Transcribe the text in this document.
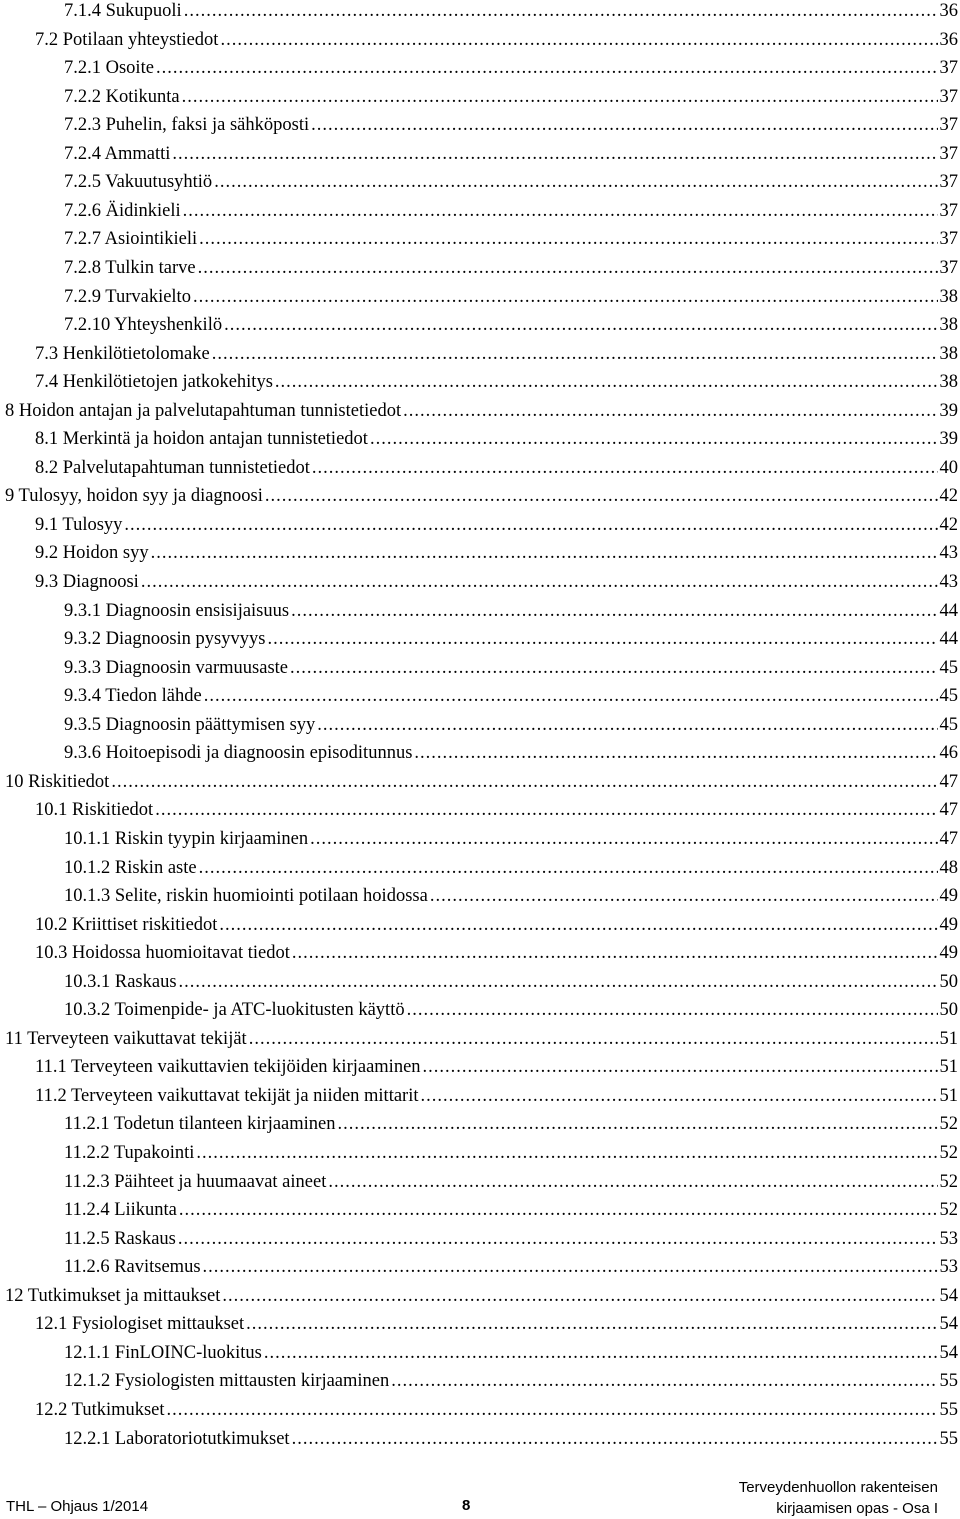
7.1.4 Sukupuoli .....	36
7.2 Potilaan yhteystiedot .....	36
7.2.1 Osoite .....	37
7.2.2 Kotikunta .....	37
7.2.3 Puhelin, faksi ja sähköposti .....	37
7.2.4 Ammatti .....	37
7.2.5 Vakuutusyhtiö .....	37
7.2.6 Äidinkieli .....	37
7.2.7 Asiointikieli .....	37
7.2.8 Tulkin tarve .....	37
7.2.9 Turvakielto .....	38
7.2.10 Yhteyshenkilö .....	38
7.3 Henkilötietolomake .....	38
7.4 Henkilötietojen jatkokehitys .....	38
8 Hoidon antajan ja palvelutapahtuman tunnistetiedot .....	39
8.1 Merkintä ja hoidon antajan tunnistetiedot .....	39
8.2 Palvelutapahtuman tunnistetiedot .....	40
9 Tulosyy, hoidon syy ja diagnoosi .....	42
9.1 Tulosyy .....	42
9.2 Hoidon syy .....	43
9.3 Diagnoosi .....	43
9.3.1 Diagnoosin ensisijaisuus .....	44
9.3.2 Diagnoosin pysyvyys .....	44
9.3.3 Diagnoosin varmuusaste .....	45
9.3.4 Tiedon lähde .....	45
9.3.5 Diagnoosin päättymisen syy .....	45
9.3.6 Hoitoepisodi ja diagnoosin episoditunnus .....	46
10 Riskitiedot .....	47
10.1 Riskitiedot .....	47
10.1.1 Riskin tyypin kirjaaminen .....	47
10.1.2 Riskin aste .....	48
10.1.3 Selite, riskin huomiointi potilaan hoidossa .....	49
10.2 Kriittiset riskitiedot .....	49
10.3 Hoidossa huomioitavat tiedot .....	49
10.3.1 Raskaus .....	50
10.3.2 Toimenpide- ja ATC-luokitusten käyttö .....	50
11 Terveyteen vaikuttavat tekijät .....	51
11.1 Terveyteen vaikuttavien tekijöiden kirjaaminen .....	51
11.2 Terveyteen vaikuttavat tekijät ja niiden mittarit .....	51
11.2.1 Todetun tilanteen kirjaaminen .....	52
11.2.2 Tupakointi .....	52
11.2.3 Päihteet ja huumaavat aineet .....	52
11.2.4 Liikunta .....	52
11.2.5 Raskaus .....	53
11.2.6 Ravitsemus .....	53
12 Tutkimukset ja mittaukset .....	54
12.1 Fysiologiset mittaukset .....	54
12.1.1 FinLOINC-luokitus .....	54
12.1.2 Fysiologisten mittausten kirjaaminen .....	55
12.2 Tutkimukset .....	55
12.2.1 Laboratoriotutkimukset .....	55
THL – Ohjaus 1/2014	8
Terveydenhuollon rakenteisen
kirjaamisen opas - Osa I
